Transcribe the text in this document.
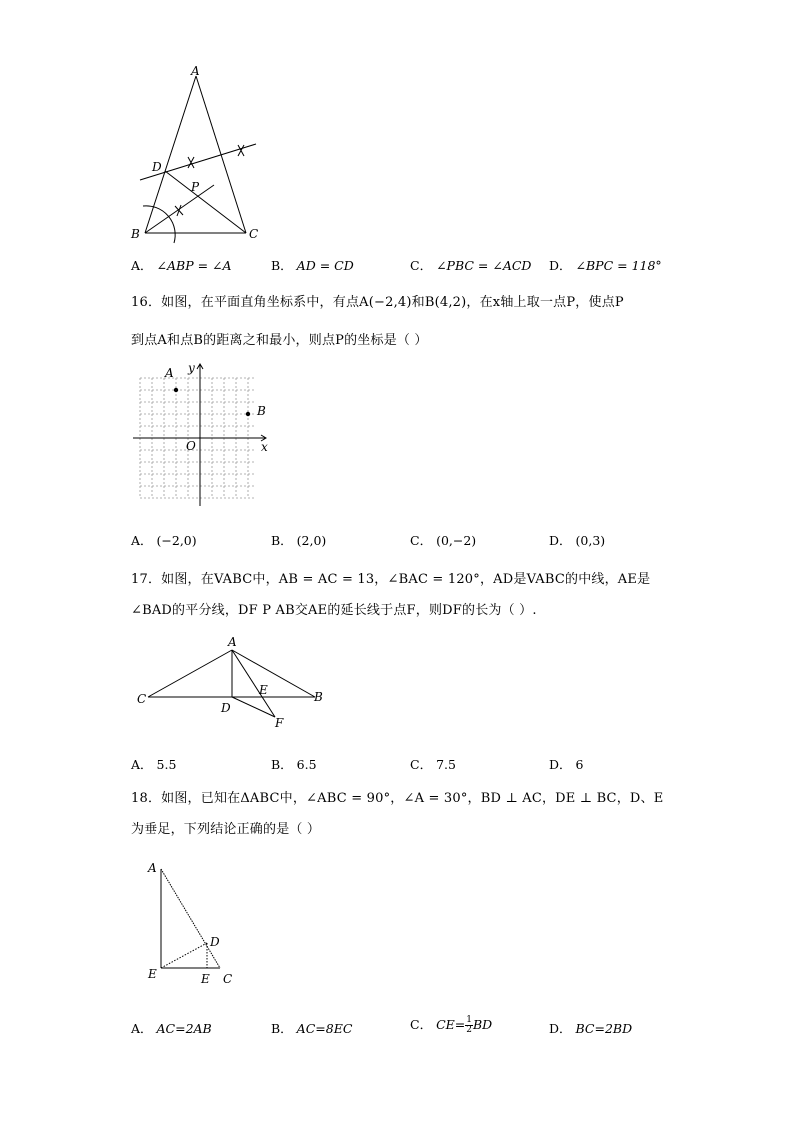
A
D
P
B	C
A． ∠ABP = ∠A	B． AD = CD	C． ∠PBC = ∠ACD D． ∠BPC = 118°
16．如图，在平面直角坐标系中，有点A(−2,4)和B(4,2)，在x轴上取一点P，使点P
到点A和点B的距离之和最小，则点P的坐标是（ ）
A
B
O	x
y
A． (−2,0)	B． (2,0)	C． (0,−2)	D． (0,3)
17．如图，在VABC中，AB = AC = 13，∠BAC = 120°，AD是VABC的中线，AE是
∠BAD的平分线，DF P AB交AE的延长线于点F，则DF的长为（ ）.
A
C	B
D
E
F
A． 5.5	B． 6.5	C． 7.5	D． 6
18．如图，已知在ΔABC中，∠ABC = 90°，∠A = 30°，BD ⊥ AC，DE ⊥ BC，D、E
为垂足，下列结论正确的是（ ）
A
D
E	E C
A． AC=2AB	B． AC=8EC	C． $CE= \frac{1}{2}$ BD	D． BC=2BD
